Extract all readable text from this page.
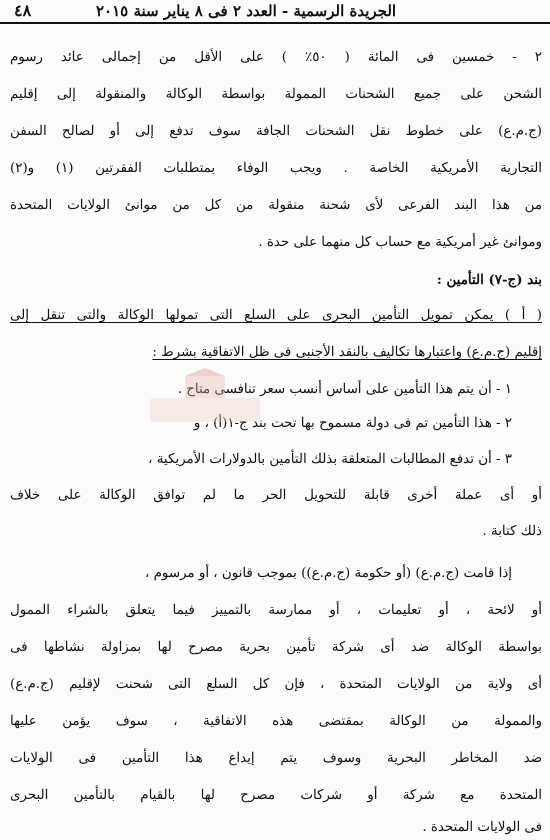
الجريدة الرسمية - العدد ٢ فى ٨ يناير سنة ٢٠١٥
٤٨
٢ - خمسين فى المائة ( ٥٠٪ ) على الأقل من إجمالى عائد رسوم
الشحن على جميع الشحنات الممولة بواسطة الوكالة والمنقولة إلى إقليم
(ج.م.ع) على خطوط نقل الشحنات الجافة سوف تدفع إلى أو لصالح السفن
التجارية الأمريكية الخاصة . ويجب الوفاء بمتطلبات الفقرتين (١) و(٢)
من هذا البند الفرعى لأى شحنة منقولة من كل من موانئ الولايات المتحدة
وموانئ غير أمريكية مع حساب كل منهما على حدة .
بند (ج-٧) التأمين :
( أ ) يمكن تمويل التأمين البحرى على السلع التى تمولها الوكالة والتى تنقل إلى
إقليم (ج.م.ع) واعتبارها تكاليف بالنقد الأجنبى فى ظل الاتفاقية بشرط :
١ - أن يتم هذا التأمين على أساس أنسب سعر تنافسى متاح .
٢ - هذا التأمين تم فى دولة مسموح بها تحت بند ج-١(أ) ، و
٣ - أن تدفع المطالبات المتعلقة بذلك التأمين بالدولارات الأمريكية ،
أو أى عملة أخرى قابلة للتحويل الحر ما لم توافق الوكالة على خلاف
ذلك كتابة .
إذا قامت (ج.م.ع) (أو حكومة (ج.م.ع)) بموجب قانون ، أو مرسوم ،
أو لائحة ، أو تعليمات ، أو ممارسة بالتمييز فيما يتعلق بالشراء الممول
بواسطة الوكالة ضد أى شركة تأمين بحرية مصرح لها بمزاولة نشاطها فى
أى ولاية من الولايات المتحدة ، فإن كل السلع التى شحنت لإقليم (ج.م.ع)
والممولة من الوكالة بمقتضى هذه الاتفاقية ، سوف يؤمن عليها
ضد المخاطر البحرية وسوف يتم إيداع هذا التأمين فى الولايات
المتحدة مع شركة أو شركات مصرح لها بالقيام بالتأمين البحرى
فى الولايات المتحدة .
